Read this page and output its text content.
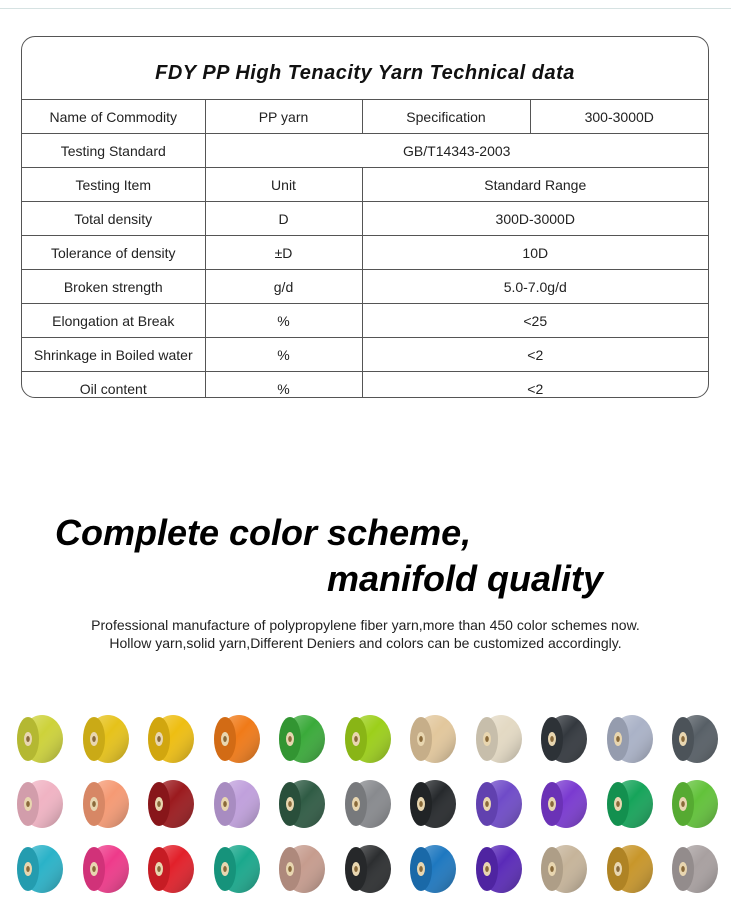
FDY PP High Tenacity Yarn Technical data
Name of Commodity	PP yarn	Specification	300-3000D
Testing Standard	GB/T14343-2003		
Testing Item	Unit	Standard Range	
Total density	D	300D-3000D	
Tolerance of density	±D	10D	
Broken strength	g/d	5.0-7.0g/d	
Elongation at Break	%	<25	
Shrinkage in Boiled water	%	<2	
Oil content	%	<2	
Complete color scheme,
manifold quality
Professional manufacture of polypropylene fiber yarn,more than 450 color schemes now.
Hollow yarn,solid yarn,Different Deniers and colors can be customized accordingly.
